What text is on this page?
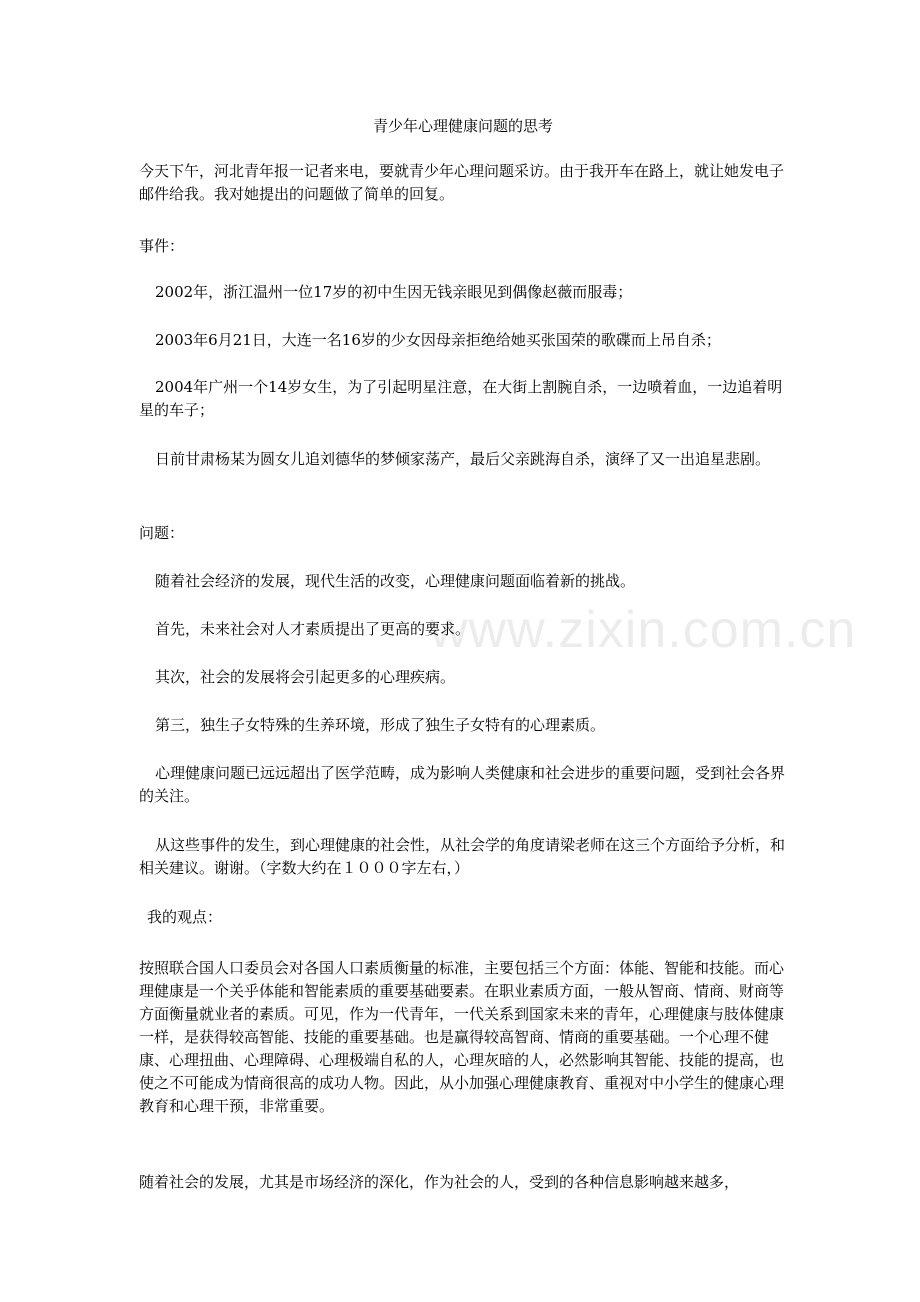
青少年心理健康问题的思考

今天下午，河北青年报一记者来电，要就青少年心理问题采访。由于我开车在路上，就让她发电子邮件给我。我对她提出的问题做了简单的回复。

事件：

2002年，浙江温州一位17岁的初中生因无钱亲眼见到偶像赵薇而服毒；

2003年6月21日，大连一名16岁的少女因母亲拒绝给她买张国荣的歌碟而上吊自杀；

2004年广州一个14岁女生，为了引起明星注意，在大街上割腕自杀，一边喷着血，一边追着明星的车子；

日前甘肃杨某为圆女儿追刘德华的梦倾家荡产，最后父亲跳海自杀，演绎了又一出追星悲剧。

问题：

随着社会经济的发展，现代生活的改变，心理健康问题面临着新的挑战。

首先，未来社会对人才素质提出了更高的要求。

其次，社会的发展将会引起更多的心理疾病。

第三，独生子女特殊的生养环境，形成了独生子女特有的心理素质。

心理健康问题已远远超出了医学范畴，成为影响人类健康和社会进步的重要问题，受到社会各界的关注。

从这些事件的发生，到心理健康的社会性，从社会学的角度请梁老师在这三个方面给予分析，和相关建议。谢谢。（字数大约在１０００字左右，）

我的观点：

按照联合国人口委员会对各国人口素质衡量的标准，主要包括三个方面：体能、智能和技能。而心理健康是一个关乎体能和智能素质的重要基础要素。在职业素质方面，一般从智商、情商、财商等方面衡量就业者的素质。可见，作为一代青年，一代关系到国家未来的青年，心理健康与肢体健康一样，是获得较高智能、技能的重要基础。也是赢得较高智商、情商的重要基础。一个心理不健康、心理扭曲、心理障碍、心理极端自私的人，心理灰暗的人，必然影响其智能、技能的提高，也使之不可能成为情商很高的成功人物。因此，从小加强心理健康教育、重视对中小学生的健康心理教育和心理干预，非常重要。

随着社会的发展，尤其是市场经济的深化，作为社会的人，受到的各种信息影响越来越多，

www.zixin.com.cn
